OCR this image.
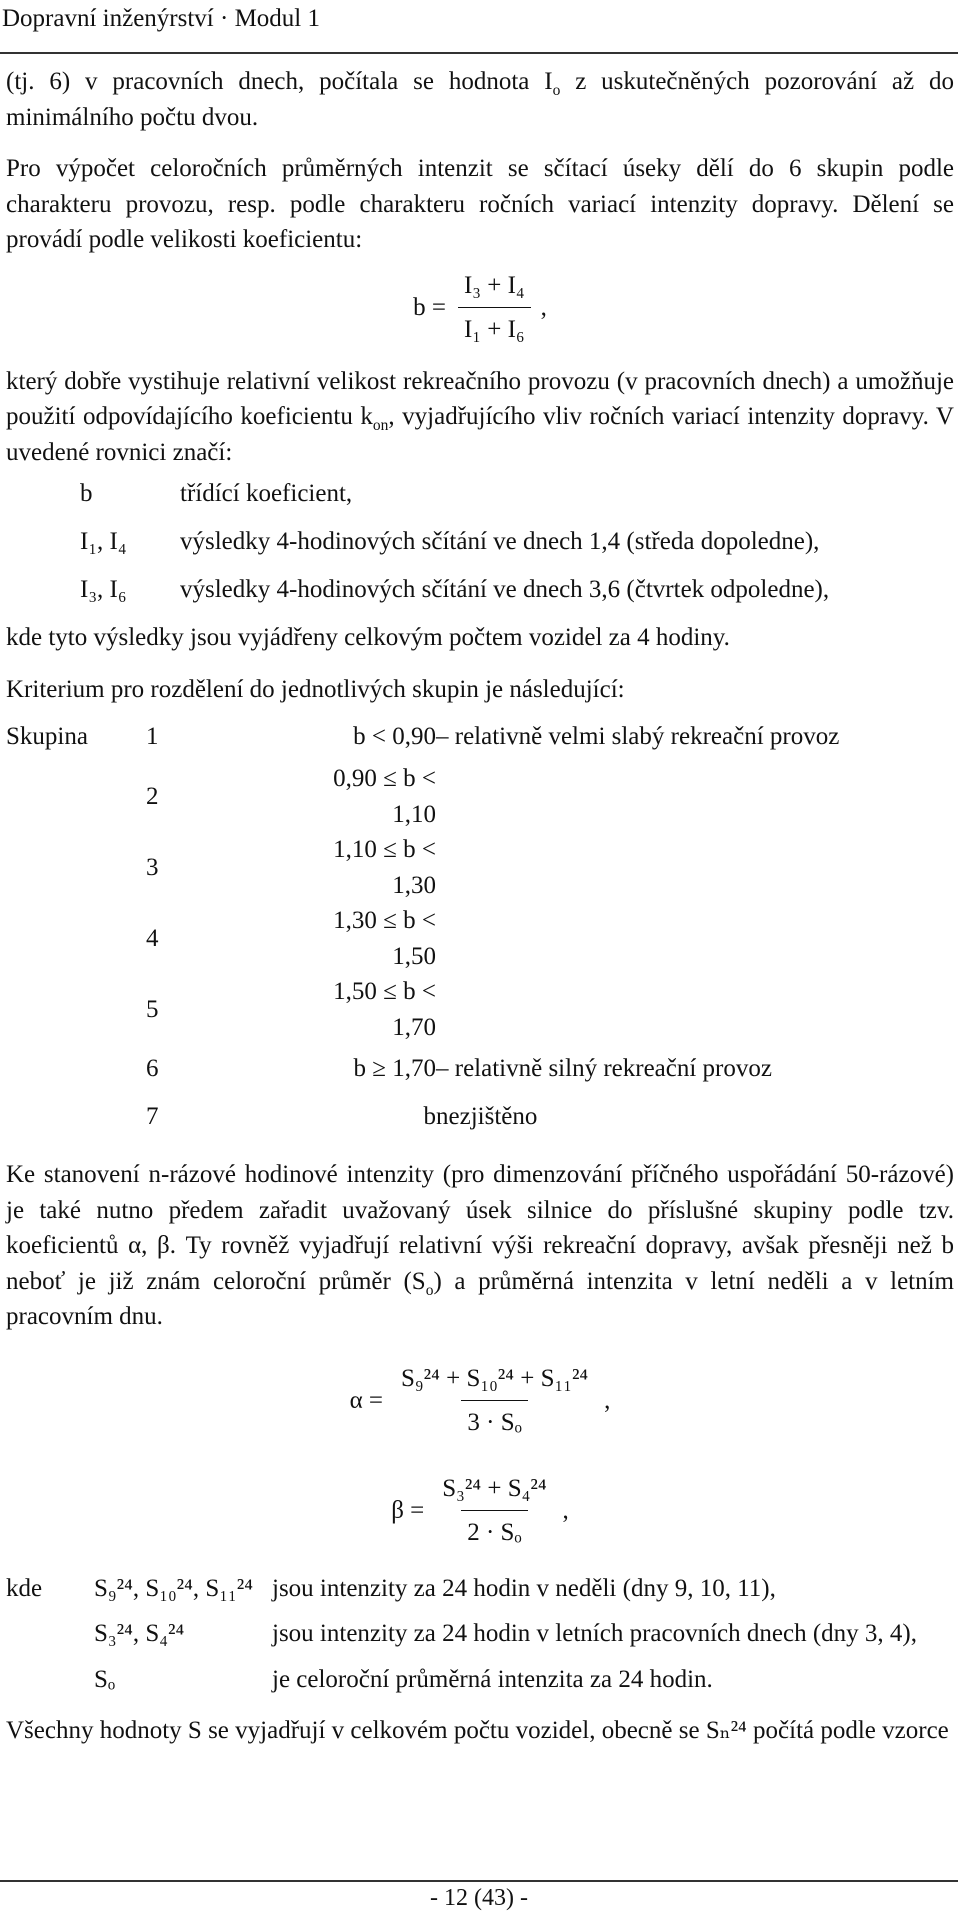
Dopravní inženýrství · Modul 1

(tj. 6) v pracovních dnech, počítala se hodnota $I_o$ z uskutečněných pozorování až do minimálního počtu dvou.

Pro výpočet celoročních průměrných intenzit se sčítací úseky dělí do 6 skupin podle charakteru provozu, resp. podle charakteru ročních variací intenzity dopravy. Dělení se provádí podle velikosti koeficientu:

$b = \frac{\text{I₃ + I₄}}{\text{I₁ + I₆}}$ ,

který dobře vystihuje relativní velikost rekreačního provozu (v pracovních dnech) a umožňuje použití odpovídajícího koeficientu $k_{on}$, vyjadřujícího vliv ročních variací intenzity dopravy. V uvedené rovnici značí:

b	třídící koeficient,
I₁, I₄	výsledky 4-hodinových sčítání ve dnech 1,4 (středa dopoledne),
I₃, I₆	výsledky 4-hodinových sčítání ve dnech 3,6 (čtvrtek odpoledne),

kde tyto výsledky jsou vyjádřeny celkovým počtem vozidel za 4 hodiny.

Kriterium pro rozdělení do jednotlivých skupin je následující:

Skupina	1	b < 0,90	– relativně velmi slabý rekreační provoz
	2	0,90 ≤ b < 1,10	
	3	1,10 ≤ b < 1,30	
	4	1,30 ≤ b < 1,50	
	5	1,50 ≤ b < 1,70	
	6	b ≥ 1,70	– relativně silný rekreační provoz
	7	b	nezjištěno

Ke stanovení n-rázové hodinové intenzity (pro dimenzování příčného uspořádání 50-rázové) je také nutno předem zařadit uvažovaný úsek silnice do příslušné skupiny podle tzv. koeficientů α, β. Ty rovněž vyjadřují relativní výši rekreační dopravy, avšak přesněji než b neboť je již znám celoroční průměr $(S_o)$ a průměrná intenzita v letní neděli a v letním pracovním dnu.

$\alpha = \frac{\text{S₉²⁴ + S₁₀²⁴ + S₁₁²⁴}}{\text{3 · Sₒ}}$ ,
$\beta = \frac{\text{S₃²⁴ + S₄²⁴}}{\text{2 · Sₒ}}$ ,
kde	S₉²⁴, S₁₀²⁴, S₁₁²⁴ jsou intenzity za 24 hodin v neděli (dny 9, 10, 11),
S₃²⁴, S₄²⁴	jsou intenzity za 24 hodin v letních pracovních dnech (dny 3, 4),
Sₒ	je celoroční průměrná intenzita za 24 hodin.

Všechny hodnoty S se vyjadřují v celkovém počtu vozidel, obecně se Sₙ²⁴ počítá podle vzorce

- 12 (43) -
